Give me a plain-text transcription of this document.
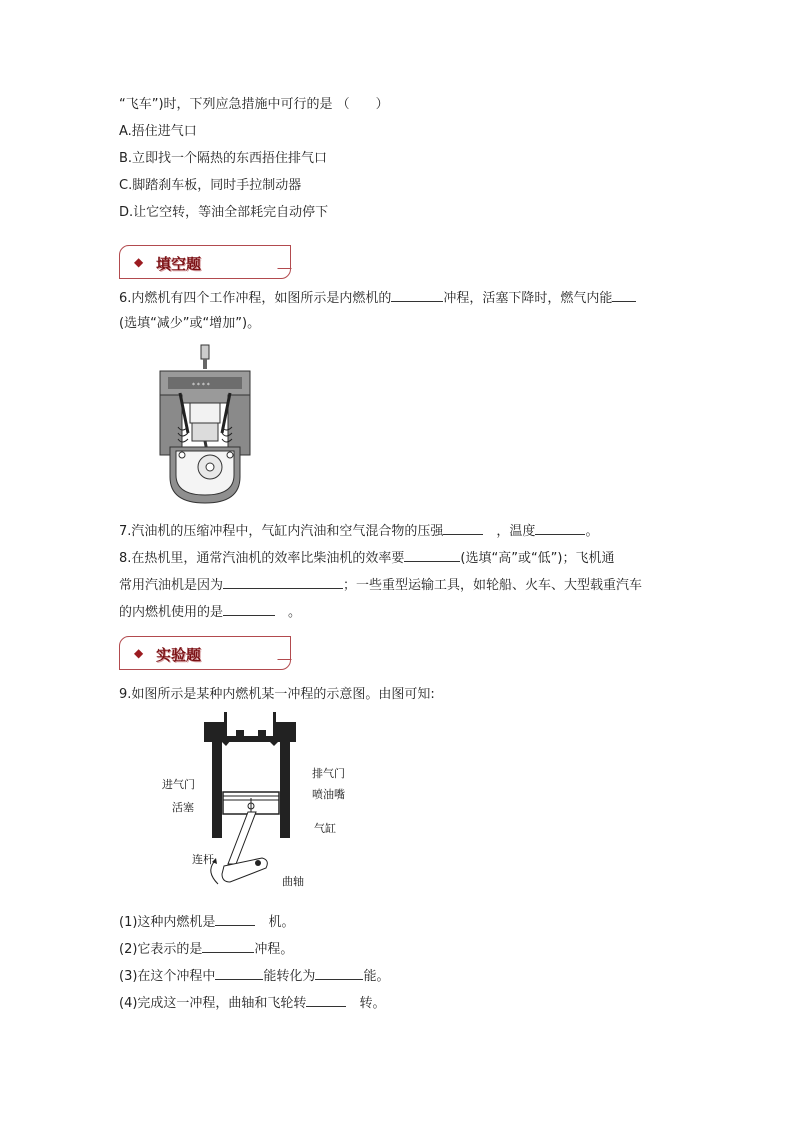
“飞车”)时，下列应急措施中可行的是 （　　）
A.捂住进气口
B.立即找一个隔热的东西捂住排气口
C.脚踏刹车板，同时手拉制动器
D.让它空转，等油全部耗完自动停下
◆ 填空题
6.内燃机有四个工作冲程，如图所示是内燃机的	冲程，活塞下降时，燃气内能
(选填“减少”或“增加”)。
* * * *
7.汽油机的压缩冲程中，气缸内汽油和空气混合物的压强　	，温度	。
8.在热机里，通常汽油机的效率比柴油机的效率要	(选填“高”或“低”)；飞机通
常用汽油机是因为	；一些重型运输工具，如轮船、火车、大型载重汽车
的内燃机使用的是　	。
◆ 实验题
9.如图所示是某种内燃机某一冲程的示意图。由图可知:
进气门
活塞
连杆
排气门
喷油嘴
气缸
曲轴
(1)这种内燃机是　	机。
(2)它表示的是	冲程。
(3)在这个冲程中	能转化为	能。
(4)完成这一冲程，曲轴和飞轮转　	转。
